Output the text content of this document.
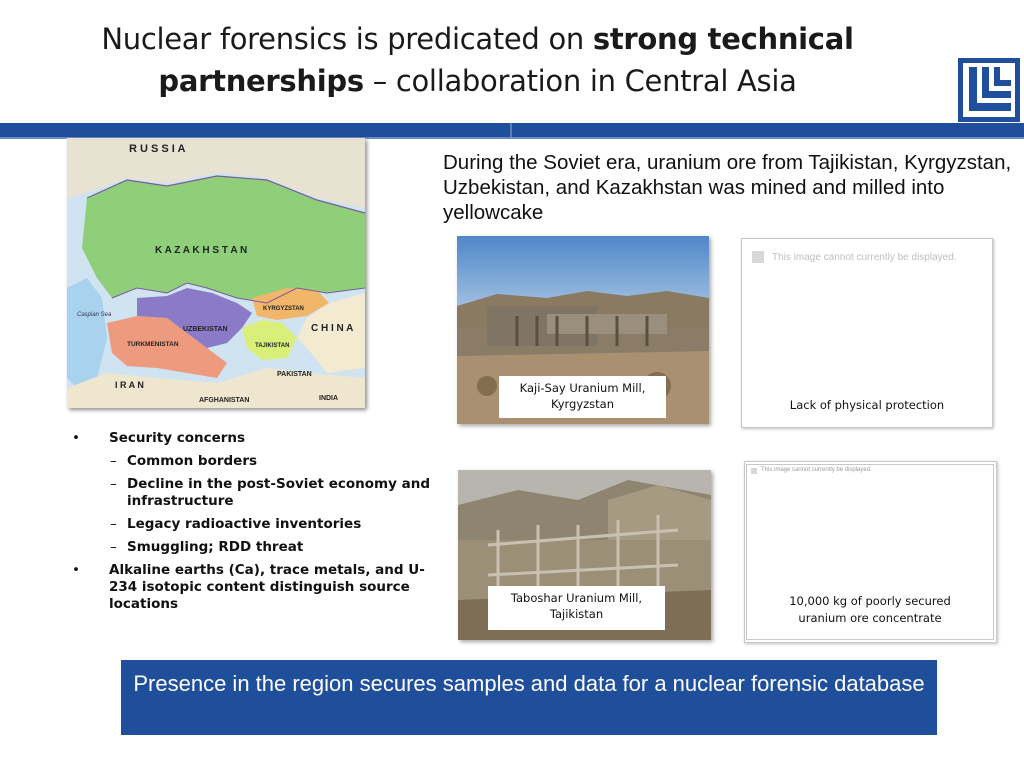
Nuclear forensics is predicated on strong technical
partnerships – collaboration in Central Asia
R U S S I A
K A Z A K H S T A N
UZBEKISTAN
TURKMENISTAN
KYRGYZSTAN
TAJIKISTAN
C H I N A
I R A N
AFGHANISTAN
PAKISTAN
INDIA
Caspian Sea
During the Soviet era, uranium ore from Tajikistan, Kyrgyzstan, Uzbekistan, and Kazakhstan was mined and milled into yellowcake
Kaji-Say Uranium Mill, Kyrgyzstan
This image cannot currently be displayed.
Lack of physical protection
Taboshar Uranium Mill, Tajikistan
This image cannot currently be displayed.
10,000 kg of poorly secured uranium ore concentrate
• Security concerns
– Common borders
– Decline in the post-Soviet economy and infrastructure
– Legacy radioactive inventories
– Smuggling; RDD threat
• Alkaline earths (Ca), trace metals, and U-234 isotopic content distinguish source locations
Presence in the region secures samples and data for a nuclear forensic database
